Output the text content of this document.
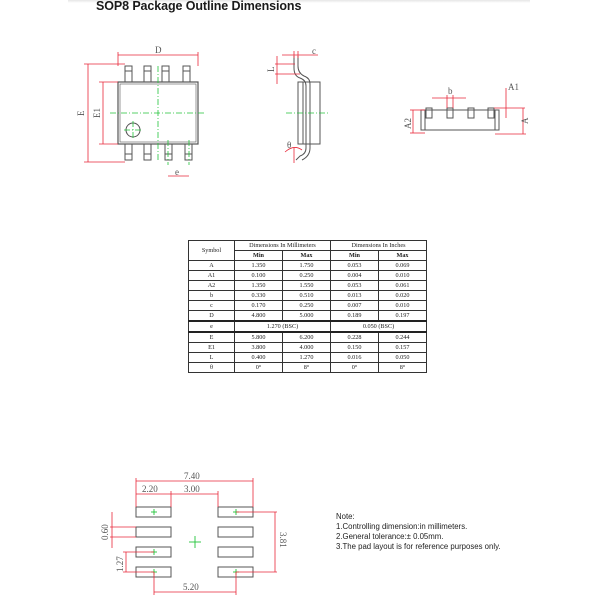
SOP8 Package Outline Dimensions
D
E E1
e
c
L
θ
b	A1
A
A2
7.40
2.20	3.00
0.60
1.27
3.81
5.20
Symbol	Dimensions In Millimeters		Dimensions In Inches	
	Min	Max	Min	Max
A	1.350	1.750	0.053	0.069
A1	0.100	0.250	0.004	0.010
A2	1.350	1.550	0.053	0.061
b	0.330	0.510	0.013	0.020
c	0.170	0.250	0.007	0.010
D	4.800	5.000	0.189	0.197
e	1.270 (BSC)		0.050 (BSC)	
E	5.800	6.200	0.228	0.244
E1	3.800	4.000	0.150	0.157
L	0.400	1.270	0.016	0.050
θ	0°	8°	0°	8°
Note:
1.Controlling dimension:in millimeters.
2.General tolerance:± 0.05mm.
3.The pad layout is for reference purposes only.
